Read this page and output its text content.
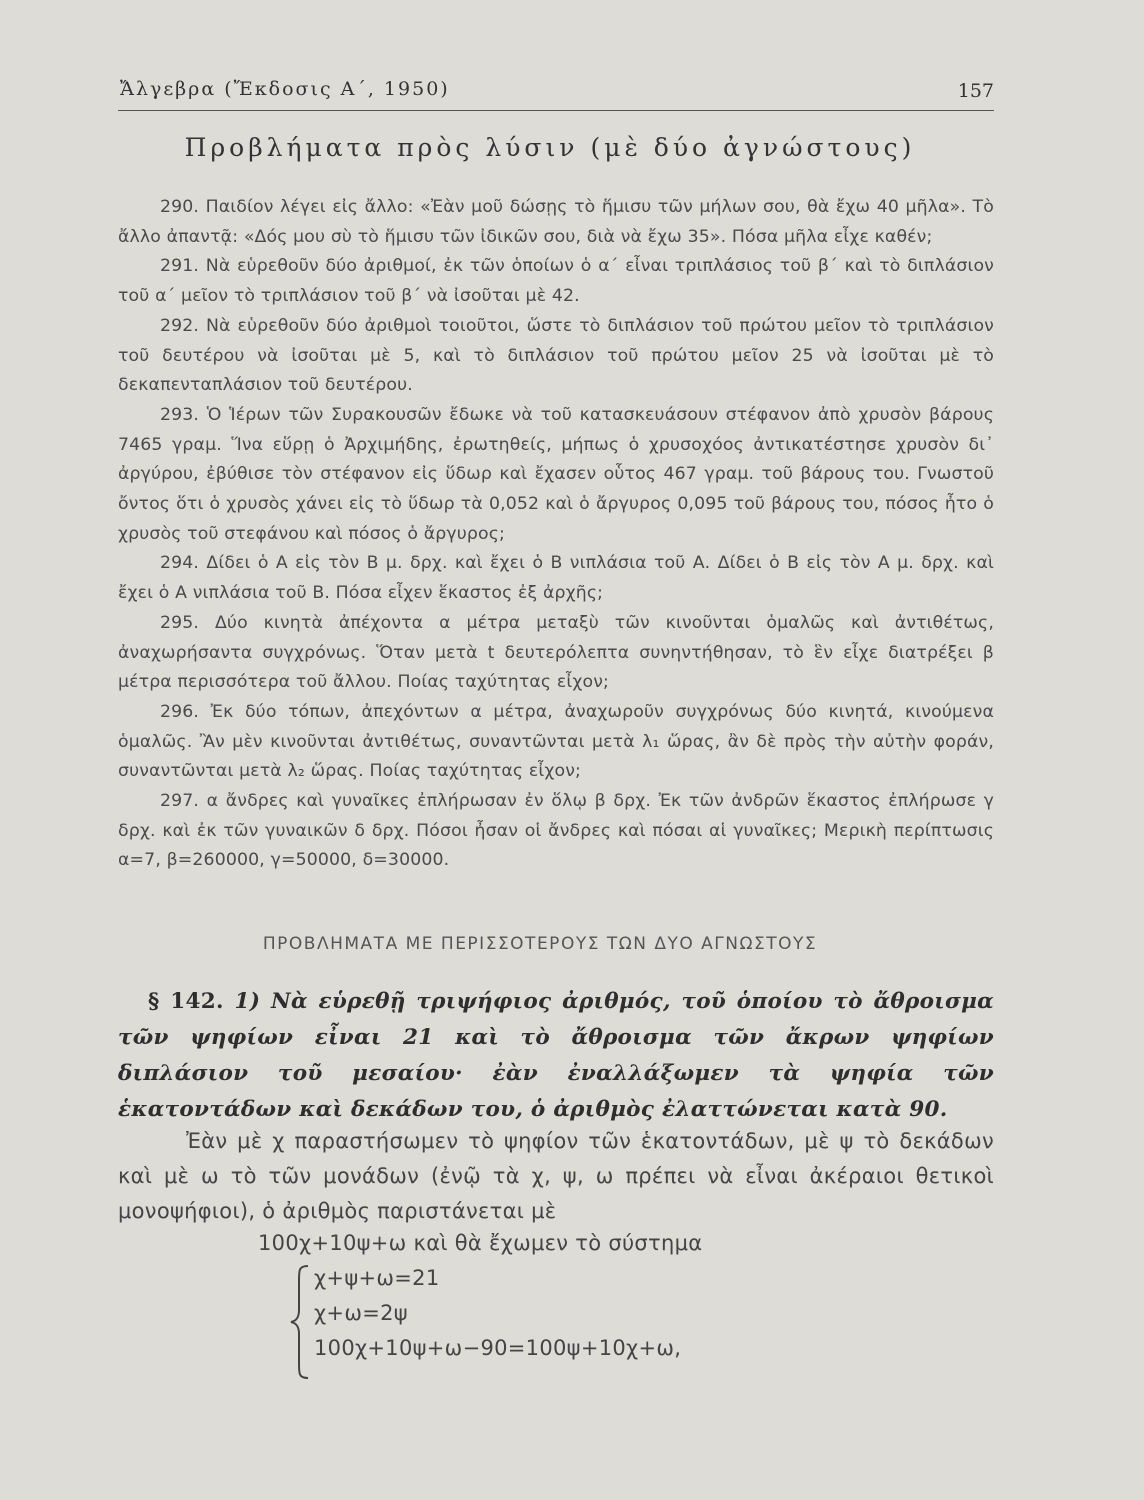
Ἄλγεβρα (Ἔκδοσις Α΄, 1950)	157
Προβλήματα πρὸς λύσιν (μὲ δύο ἀγνώστους)

290. Παιδίον λέγει εἰς ἄλλο: «Ἐὰν μοῦ δώσῃς τὸ ἥμισυ τῶν μήλων σου, θὰ ἔχω 40 μῆλα». Τὸ ἄλλο ἀπαντᾷ: «Δός μου σὺ τὸ ἥμισυ τῶν ἰδικῶν σου, διὰ νὰ ἔχω 35». Πόσα μῆλα εἶχε καθέν;

291. Νὰ εὑρεθοῦν δύο ἀριθμοί, ἐκ τῶν ὁποίων ὁ α΄ εἶναι τριπλάσιος τοῦ β΄ καὶ τὸ διπλάσιον τοῦ α΄ μεῖον τὸ τριπλάσιον τοῦ β΄ νὰ ἰσοῦται μὲ 42.

292. Νὰ εὑρεθοῦν δύο ἀριθμοὶ τοιοῦτοι, ὥστε τὸ διπλάσιον τοῦ πρώτου μεῖον τὸ τριπλάσιον τοῦ δευτέρου νὰ ἰσοῦται μὲ 5, καὶ τὸ διπλάσιον τοῦ πρώτου μεῖον 25 νὰ ἰσοῦται μὲ τὸ δεκαπενταπλάσιον τοῦ δευτέρου.

293. Ὁ Ἱέρων τῶν Συρακουσῶν ἔδωκε νὰ τοῦ κατασκευάσουν στέφανον ἀπὸ χρυσὸν βάρους 7465 γραμ. Ἵνα εὕρῃ ὁ Ἀρχιμήδης, ἐρωτηθείς, μήπως ὁ χρυσοχόος ἀντικατέστησε χρυσὸν δι᾽ ἀργύρου, ἐβύθισε τὸν στέφανον εἰς ὕδωρ καὶ ἔχασεν οὗτος 467 γραμ. τοῦ βάρους του. Γνωστοῦ ὄντος ὅτι ὁ χρυσὸς χάνει εἰς τὸ ὕδωρ τὰ 0,052 καὶ ὁ ἄργυρος 0,095 τοῦ βάρους του, πόσος ἦτο ὁ χρυσὸς τοῦ στεφάνου καὶ πόσος ὁ ἄργυρος;

294. Δίδει ὁ Α εἰς τὸν Β μ. δρχ. καὶ ἔχει ὁ Β νιπλάσια τοῦ Α. Δίδει ὁ Β εἰς τὸν Α μ. δρχ. καὶ ἔχει ὁ Α νιπλάσια τοῦ Β. Πόσα εἶχεν ἕκαστος ἐξ ἀρχῆς;

295. Δύο κινητὰ ἀπέχοντα α μέτρα μεταξὺ τῶν κινοῦνται ὁμαλῶς καὶ ἀντιθέτως, ἀναχωρήσαντα συγχρόνως. Ὅταν μετὰ t δευτερόλεπτα συνηντήθησαν, τὸ ἓν εἶχε διατρέξει β μέτρα περισσότερα τοῦ ἄλλου. Ποίας ταχύτητας εἶχον;

296. Ἐκ δύο τόπων, ἀπεχόντων α μέτρα, ἀναχωροῦν συγχρόνως δύο κινητά, κινούμενα ὁμαλῶς. Ἂν μὲν κινοῦνται ἀντιθέτως, συναντῶνται μετὰ λ₁ ὥρας, ἂν δὲ πρὸς τὴν αὐτὴν φοράν, συναντῶνται μετὰ λ₂ ὥρας. Ποίας ταχύτητας εἶχον;

297. α ἄνδρες καὶ γυναῖκες ἐπλήρωσαν ἐν ὅλῳ β δρχ. Ἐκ τῶν ἀνδρῶν ἕκαστος ἐπλήρωσε γ δρχ. καὶ ἐκ τῶν γυναικῶν δ δρχ. Πόσοι ἦσαν οἱ ἄνδρες καὶ πόσαι αἱ γυναῖκες; Μερικὴ περίπτωσις α=7, β=260000, γ=50000, δ=30000.

ΠΡΟΒΛΗΜΑΤΑ ΜΕ ΠΕΡΙΣΣΟΤΕΡΟΥΣ ΤΩΝ ΔΥΟ ΑΓΝΩΣΤΟΥΣ
§ 142. 1) Νὰ εὑρεθῇ τριψήφιος ἀριθμός, τοῦ ὁποίου τὸ ἄθροισμα τῶν ψηφίων εἶναι 21 καὶ τὸ ἄθροισμα τῶν ἄκρων ψηφίων διπλάσιον τοῦ μεσαίου· ἐὰν ἐναλλάξωμεν τὰ ψηφία τῶν ἑκατοντάδων καὶ δεκάδων του, ὁ ἀριθμὸς ἐλαττώνεται κατὰ 90.

Ἐὰν μὲ χ παραστήσωμεν τὸ ψηφίον τῶν ἑκατοντάδων, μὲ ψ τὸ δεκάδων καὶ μὲ ω τὸ τῶν μονάδων (ἐνῷ τὰ χ, ψ, ω πρέπει νὰ εἶναι ἀκέραιοι θετικοὶ μονοψήφιοι), ὁ ἀριθμὸς παριστάνεται μὲ

100χ+10ψ+ω καὶ θὰ ἔχωμεν τὸ σύστημα
χ+ψ+ω=21
χ+ω=2ψ
100χ+10ψ+ω−90=100ψ+10χ+ω,
